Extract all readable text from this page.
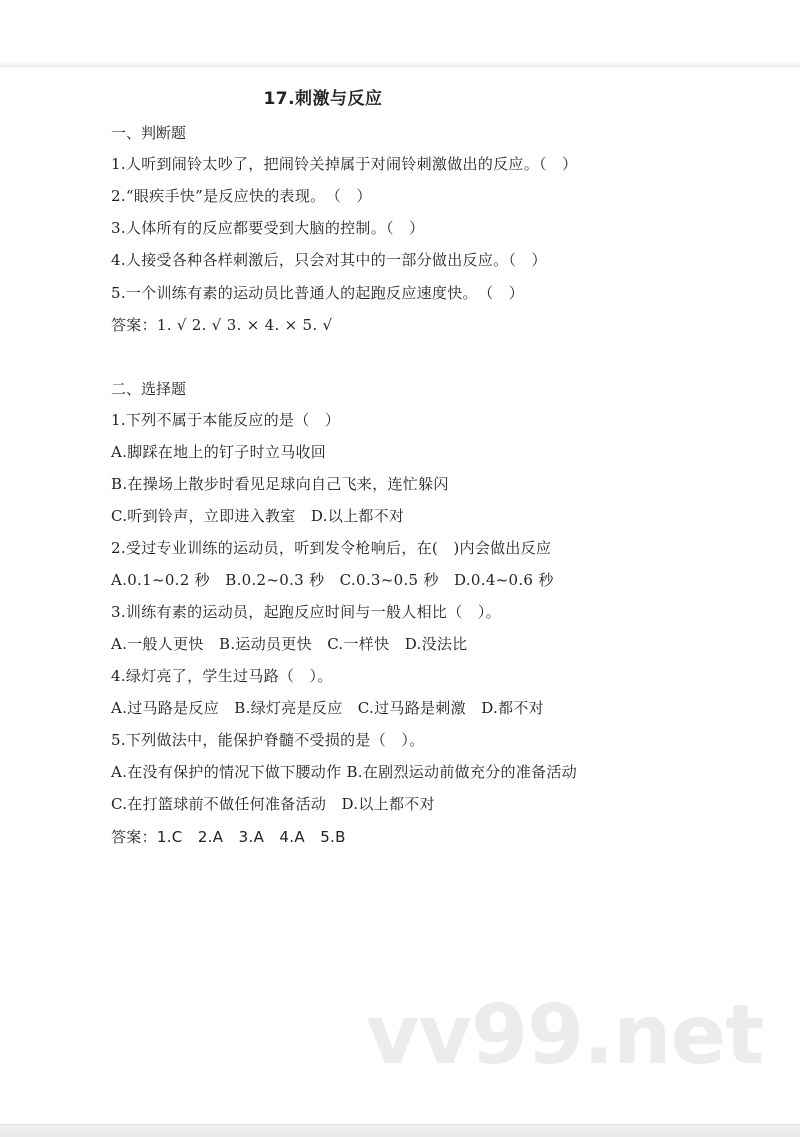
17.刺激与反应
一、判断题
1.人听到闹铃太吵了，把闹铃关掉属于对闹铃刺激做出的反应。（　）
2.“眼疾手快”是反应快的表现。　（　）
3.人体所有的反应都要受到大脑的控制。（　）
4.人接受各种各样刺激后，只会对其中的一部分做出反应。（　）
5.一个训练有素的运动员比普通人的起跑反应速度快。　（　）
答案：1. √ 2. √ 3. × 4. × 5. √
二、选择题
1.下列不属于本能反应的是（　）
A.脚踩在地上的钉子时立马收回
B.在操场上散步时看见足球向自己飞来，连忙躲闪
C.听到铃声，立即进入教室　D.以上都不对
2.受过专业训练的运动员，听到发令枪响后，在(　)内会做出反应
A.0.1~0.2 秒　B.0.2~0.3 秒　C.0.3~0.5 秒　D.0.4~0.6 秒
3.训练有素的运动员，起跑反应时间与一般人相比（　）。
A.一般人更快　B.运动员更快　C.一样快　D.没法比
4.绿灯亮了，学生过马路（　）。
A.过马路是反应　B.绿灯亮是反应　C.过马路是刺激　D.都不对
5.下列做法中，能保护脊髓不受损的是（　）。
A.在没有保护的情况下做下腰动作 B.在剧烈运动前做充分的准备活动
C.在打篮球前不做任何准备活动　D.以上都不对
答案：1.C　2.A　3.A　4.A　5.B
vv99.net
